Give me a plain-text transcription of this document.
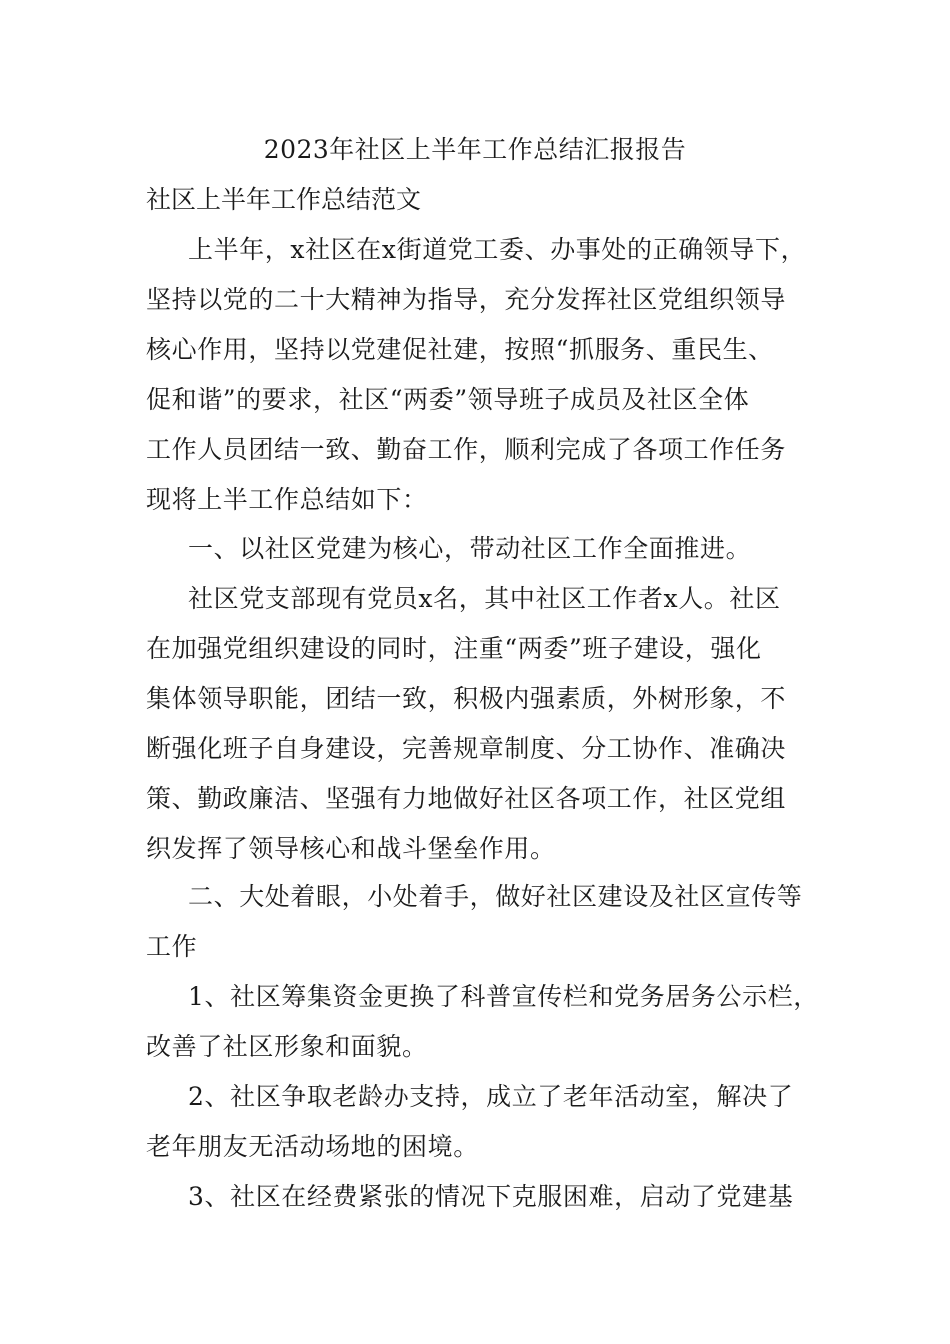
2023年社区上半年工作总结汇报报告
社区上半年工作总结范文
上半年，x社区在x街道党工委、办事处的正确领导下，
坚持以党的二十大精神为指导，充分发挥社区党组织领导
核心作用，坚持以党建促社建，按照“抓服务、重民生、
促和谐”的要求，社区“两委”领导班子成员及社区全体
工作人员团结一致、勤奋工作，顺利完成了各项工作任务
现将上半工作总结如下：
一、以社区党建为核心，带动社区工作全面推进。
社区党支部现有党员x名，其中社区工作者x人。社区
在加强党组织建设的同时，注重“两委”班子建设，强化
集体领导职能，团结一致，积极内强素质，外树形象，不
断强化班子自身建设，完善规章制度、分工协作、准确决
策、勤政廉洁、坚强有力地做好社区各项工作，社区党组
织发挥了领导核心和战斗堡垒作用。
二、大处着眼，小处着手，做好社区建设及社区宣传等
工作
1、社区筹集资金更换了科普宣传栏和党务居务公示栏，
改善了社区形象和面貌。
2、社区争取老龄办支持，成立了老年活动室，解决了
老年朋友无活动场地的困境。
3、社区在经费紧张的情况下克服困难，启动了党建基
